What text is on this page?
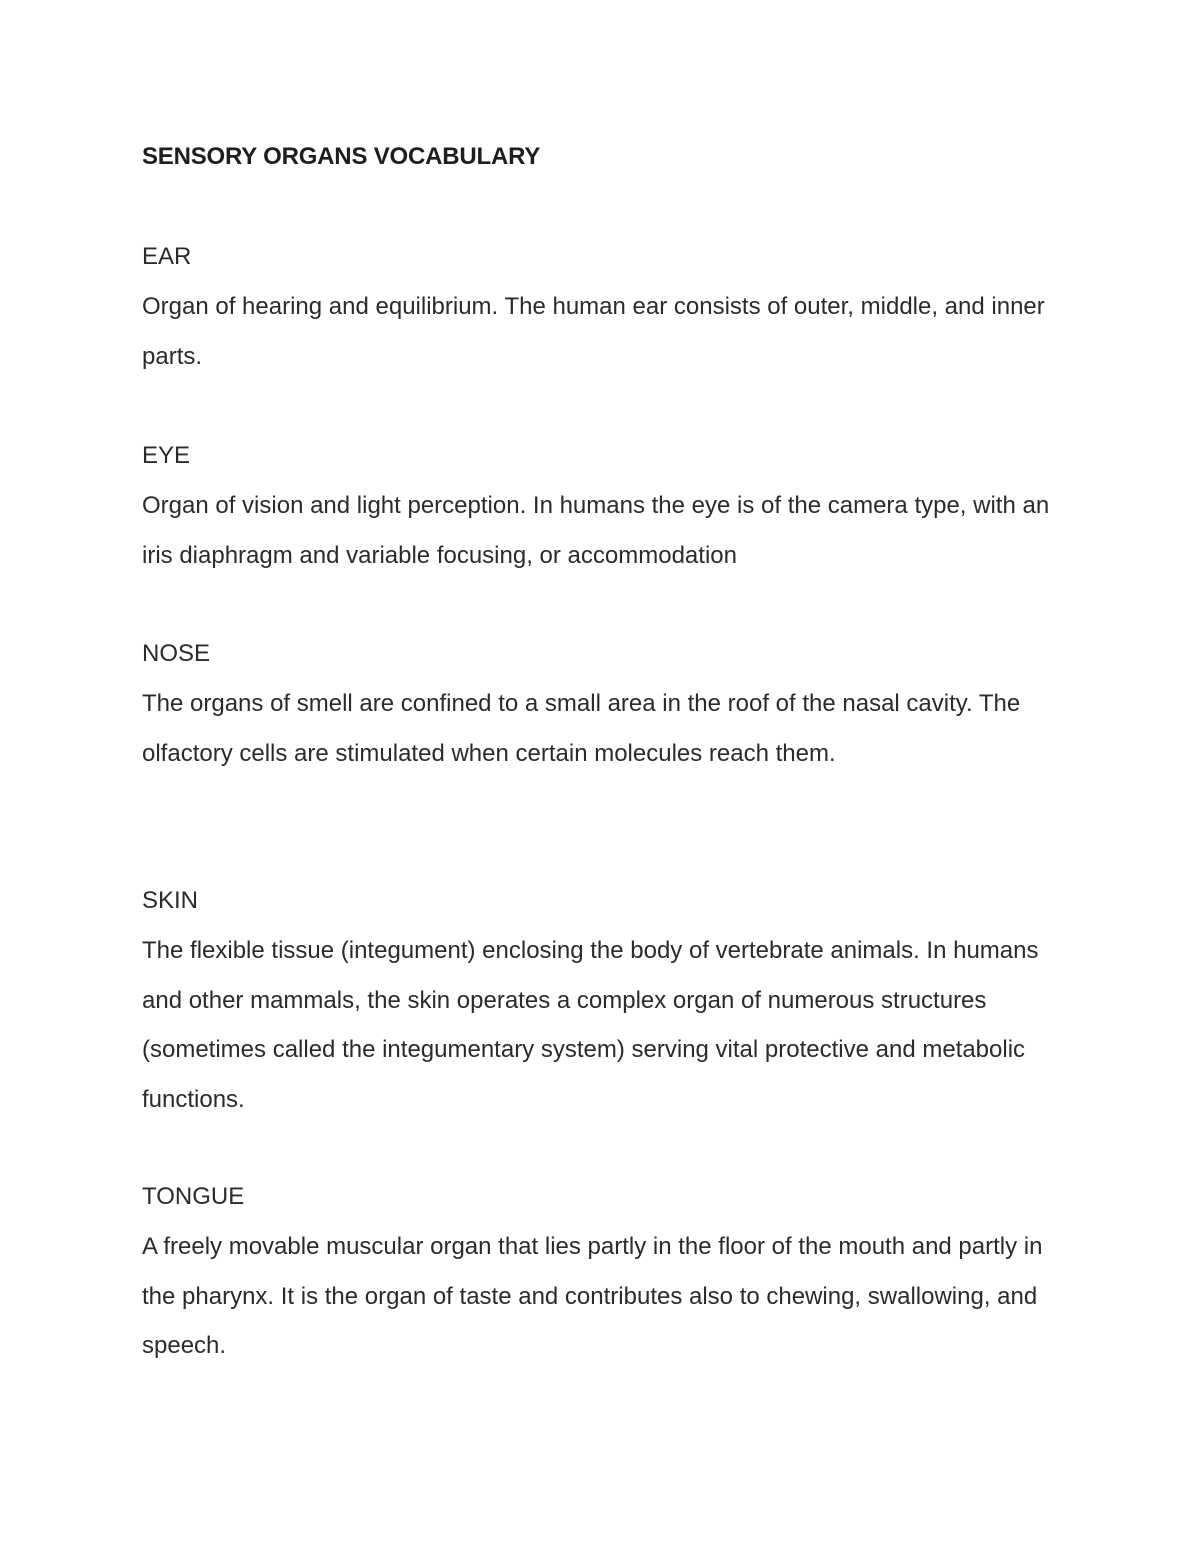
SENSORY ORGANS VOCABULARY
EAR

Organ of hearing and equilibrium. The human ear consists of outer, middle, and inner parts.

EYE

Organ of vision and light perception. In humans the eye is of the camera type, with an iris diaphragm and variable focusing, or accommodation

NOSE

The organs of smell are confined to a small area in the roof of the nasal cavity. The olfactory cells are stimulated when certain molecules reach them.

SKIN

The flexible tissue (integument) enclosing the body of vertebrate animals. In humans and other mammals, the skin operates a complex organ of numerous structures (sometimes called the integumentary system) serving vital protective and metabolic functions.

TONGUE

A freely movable muscular organ that lies partly in the floor of the mouth and partly in the pharynx. It is the organ of taste and contributes also to chewing, swallowing, and speech.
